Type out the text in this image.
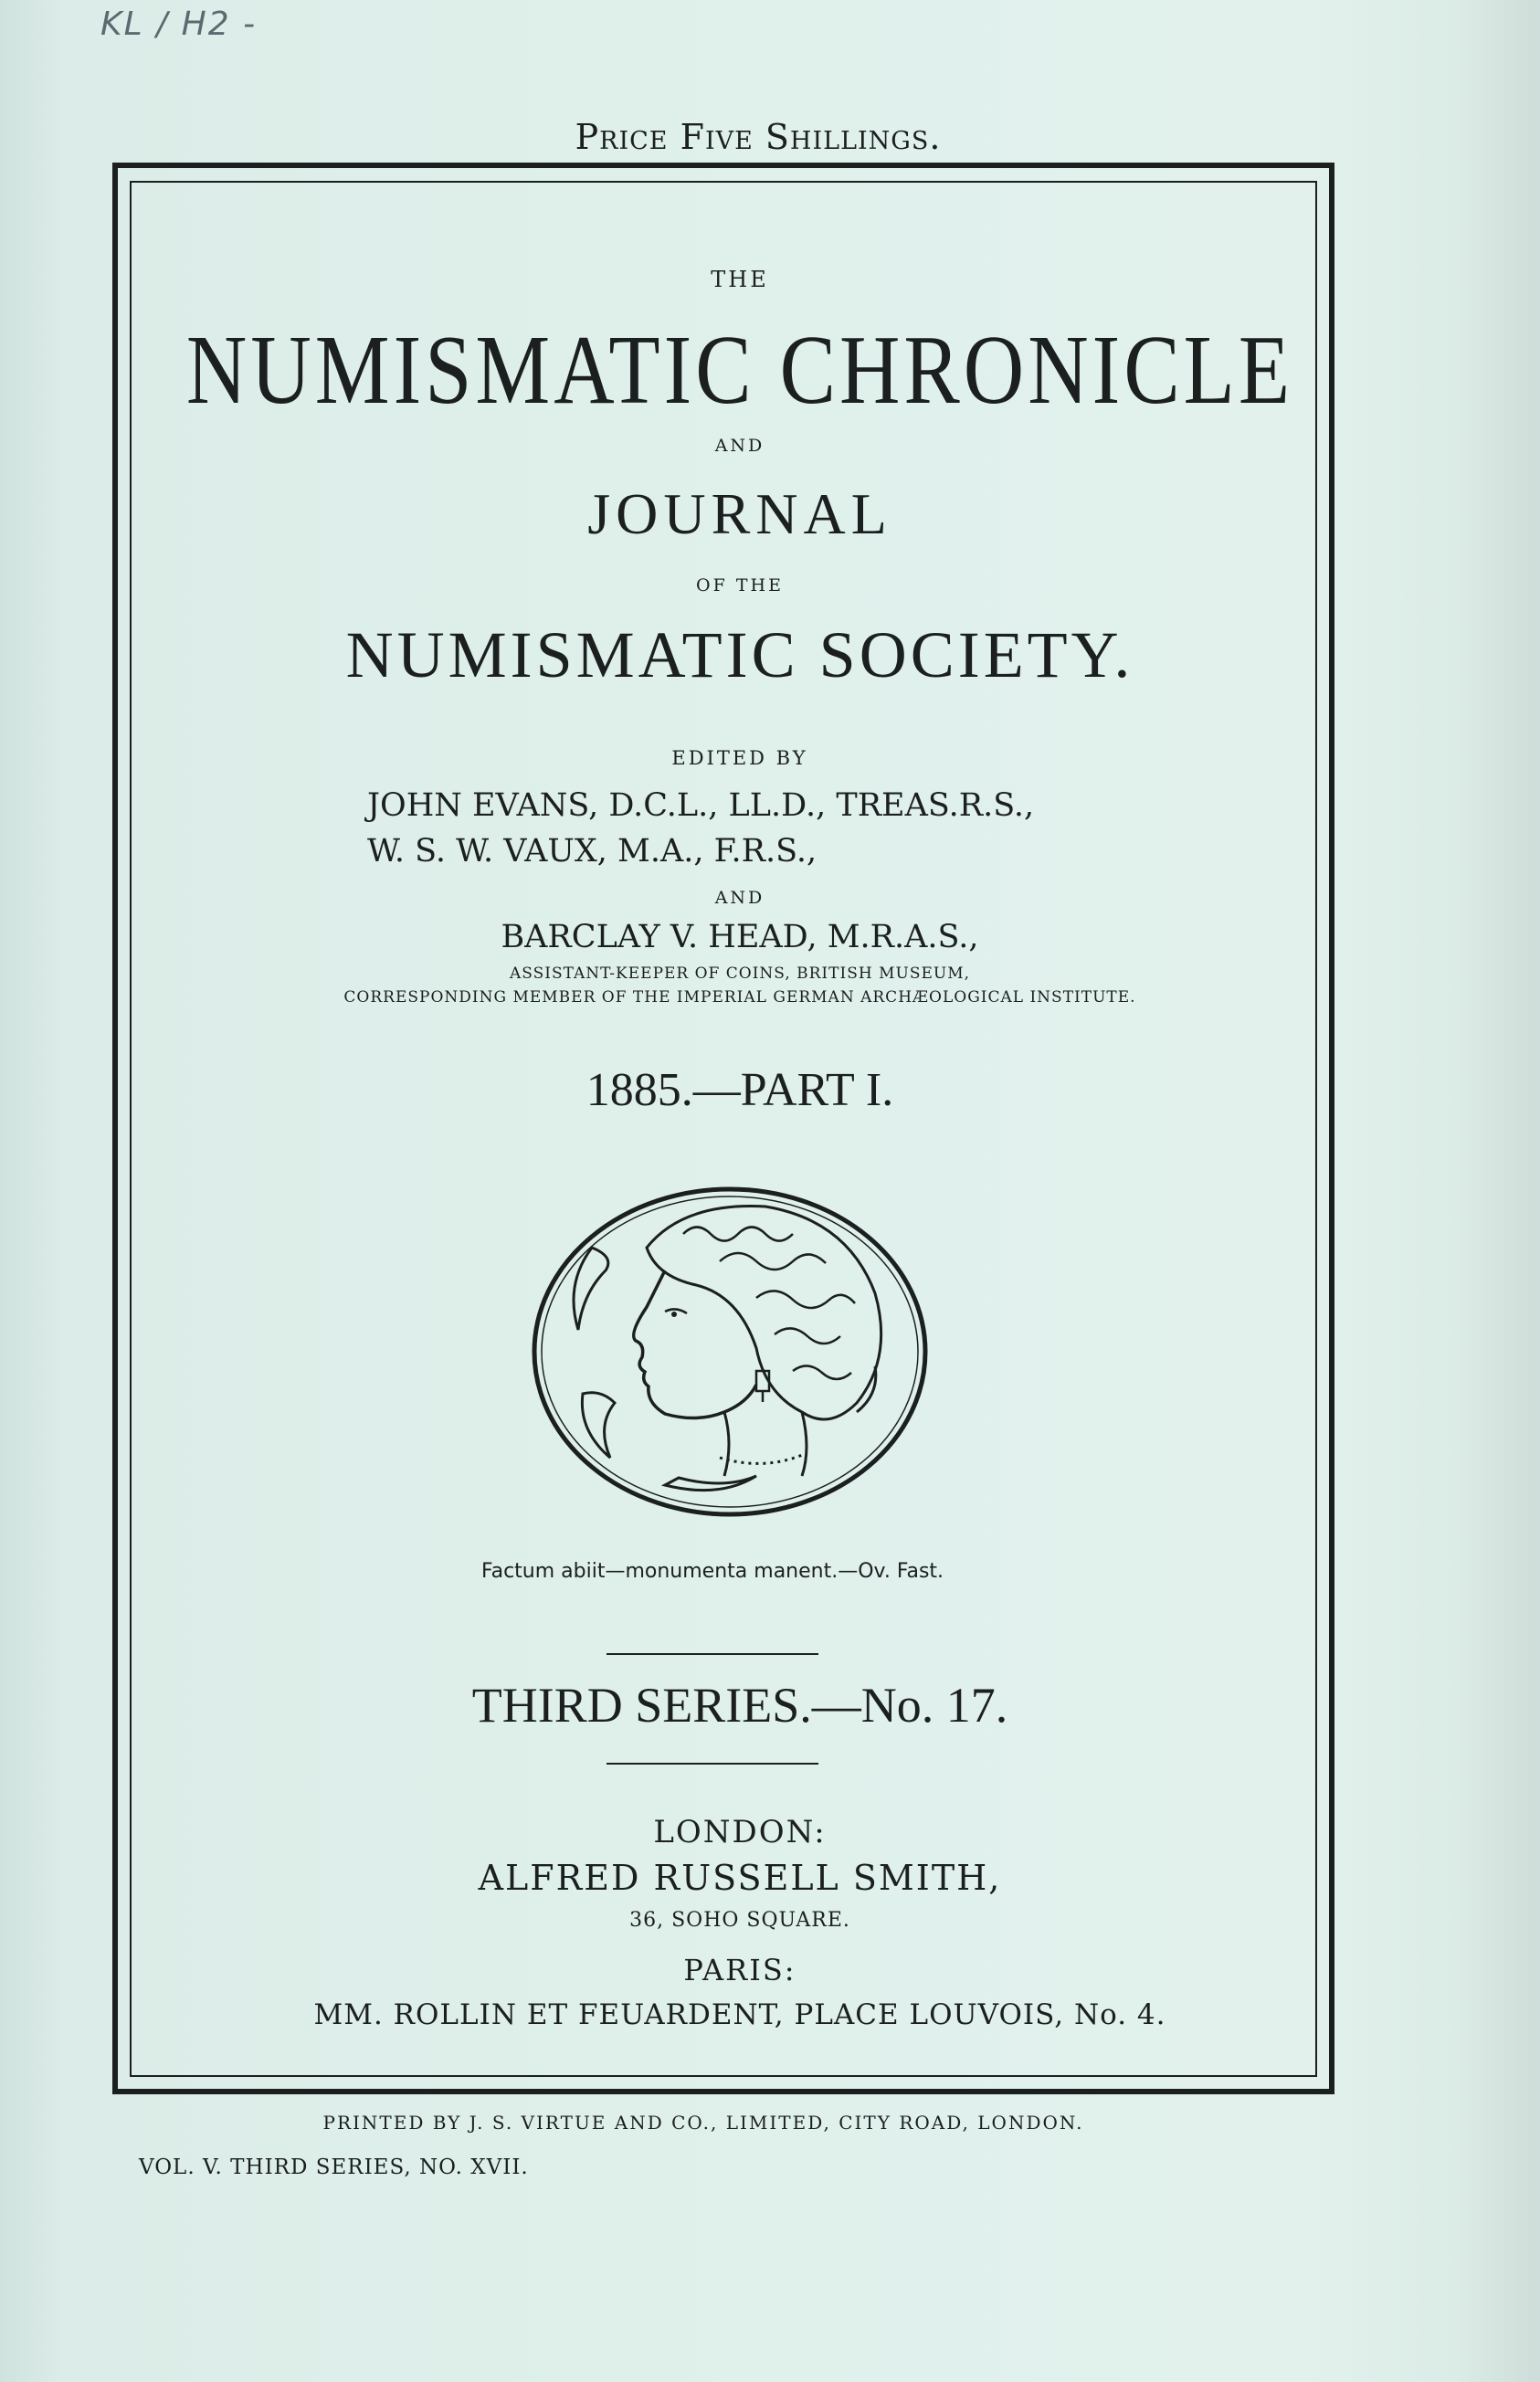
KL / H2 -
Price Five Shillings.
THE
NUMISMATIC CHRONICLE
AND
JOURNAL
OF THE
NUMISMATIC SOCIETY.
EDITED BY
JOHN EVANS, D.C.L., LL.D., TREAS.R.S.,
W. S. W. VAUX, M.A., F.R.S.,
AND
BARCLAY V. HEAD, M.R.A.S.,
ASSISTANT-KEEPER OF COINS, BRITISH MUSEUM,
CORRESPONDING MEMBER OF THE IMPERIAL GERMAN ARCHÆOLOGICAL INSTITUTE.
1885.—PART I.
Factum abiit—monumenta manent.—Ov. Fast.
THIRD SERIES.—No. 17.
LONDON:
ALFRED RUSSELL SMITH,
36, SOHO SQUARE.
PARIS:
MM. ROLLIN ET FEUARDENT, PLACE LOUVOIS, No. 4.
PRINTED BY J. S. VIRTUE AND CO., LIMITED, CITY ROAD, LONDON.
VOL. V. THIRD SERIES, NO. XVII.
